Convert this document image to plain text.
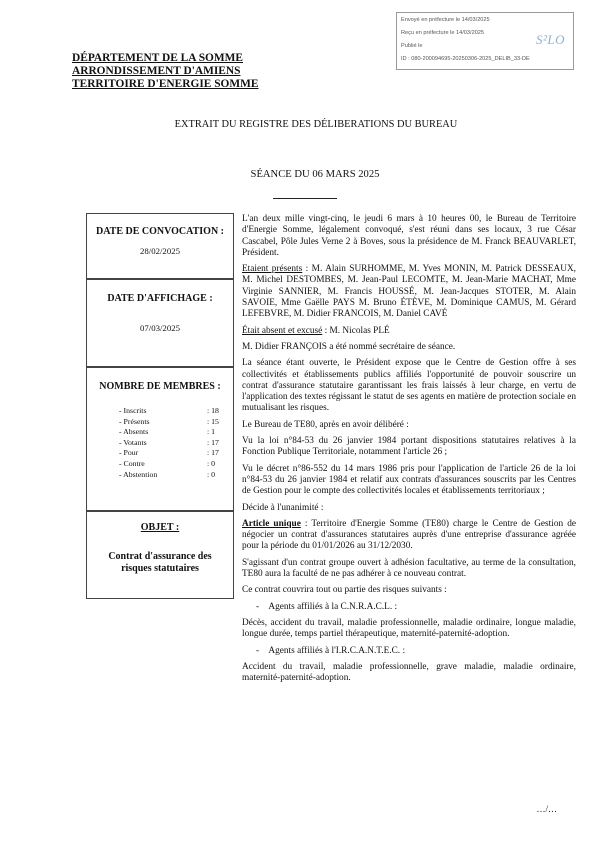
Envoyé en préfecture le 14/03/2025
Reçu en préfecture le 14/03/2025
Publié le
ID : 080-200094695-20250306-2025_DELIB_33-DE
S²LO
DÉPARTEMENT DE LA SOMME
ARRONDISSEMENT D'AMIENS
TERRITOIRE D'ENERGIE SOMME
EXTRAIT DU REGISTRE DES DÉLIBERATIONS DU BUREAU
SÉANCE DU 06 MARS 2025
DATE DE CONVOCATION :
28/02/2025
DATE D'AFFICHAGE :
07/03/2025
NOMBRE DE MEMBRES :
- Inscrits	: 18
- Présents	: 15
- Absents	: 1
- Votants	: 17
- Pour	: 17
- Contre	: 0
- Abstention	: 0
OBJET :
Contrat d'assurance des risques statutaires

L'an deux mille vingt-cinq, le jeudi 6 mars à 10 heures 00, le Bureau de Territoire d'Energie Somme, légalement convoqué, s'est réuni dans ses locaux, 3 rue César Cascabel, Pôle Jules Verne 2 à Boves, sous la présidence de M. Franck BEAUVARLET, Président.

Etaient présents : M. Alain SURHOMME, M. Yves MONIN, M. Patrick DESSEAUX, M. Michel DESTOMBES, M. Jean-Paul LECOMTE, M. Jean-Marie MACHAT, Mme Virginie SANNIER, M. Francis HOUSSÉ, M. Jean-Jacques STOTER, M. Alain SAVOIE, Mme Gaëlle PAYS M. Bruno ÉTÈVE, M. Dominique CAMUS, M. Gérard LEFEBVRE, M. Didier FRANCOIS, M. Daniel CAVÉ

Était absent et excusé : M. Nicolas PLÉ

M. Didier FRANÇOIS a été nommé secrétaire de séance.

La séance étant ouverte, le Président expose que le Centre de Gestion offre à ses collectivités et établissements publics affiliés l'opportunité de pouvoir souscrire un contrat d'assurance statutaire garantissant les frais laissés à leur charge, en vertu de l'application des textes régissant le statut de ses agents en matière de protection sociale en mutualisant les risques.

Le Bureau de TE80, après en avoir délibéré :

Vu la loi n°84-53 du 26 janvier 1984 portant dispositions statutaires relatives à la Fonction Publique Territoriale, notamment l'article 26 ;

Vu le décret n°86-552 du 14 mars 1986 pris pour l'application de l'article 26 de la loi n°84-53 du 26 janvier 1984 et relatif aux contrats d'assurances souscrits par les Centres de Gestion pour le compte des collectivités locales et établissements territoriaux ;

Décide à l'unanimité :

Article unique : Territoire d'Energie Somme (TE80) charge le Centre de Gestion de négocier un contrat d'assurances statutaires auprès d'une entreprise d'assurance agréée pour la période du 01/01/2026 au 31/12/2030.

S'agissant d'un contrat groupe ouvert à adhésion facultative, au terme de la consultation, TE80 aura la faculté de ne pas adhérer à ce nouveau contrat.

Ce contrat couvrira tout ou partie des risques suivants :

-    Agents affiliés à la C.N.R.A.C.L. :

Décès, accident du travail, maladie professionnelle, maladie ordinaire, longue maladie, longue durée, temps partiel thérapeutique, maternité-paternité-adoption.

-    Agents affiliés à l'I.R.C.A.N.T.E.C. :

Accident du travail, maladie professionnelle, grave maladie, maladie ordinaire, maternité-paternité-adoption.

…/…
